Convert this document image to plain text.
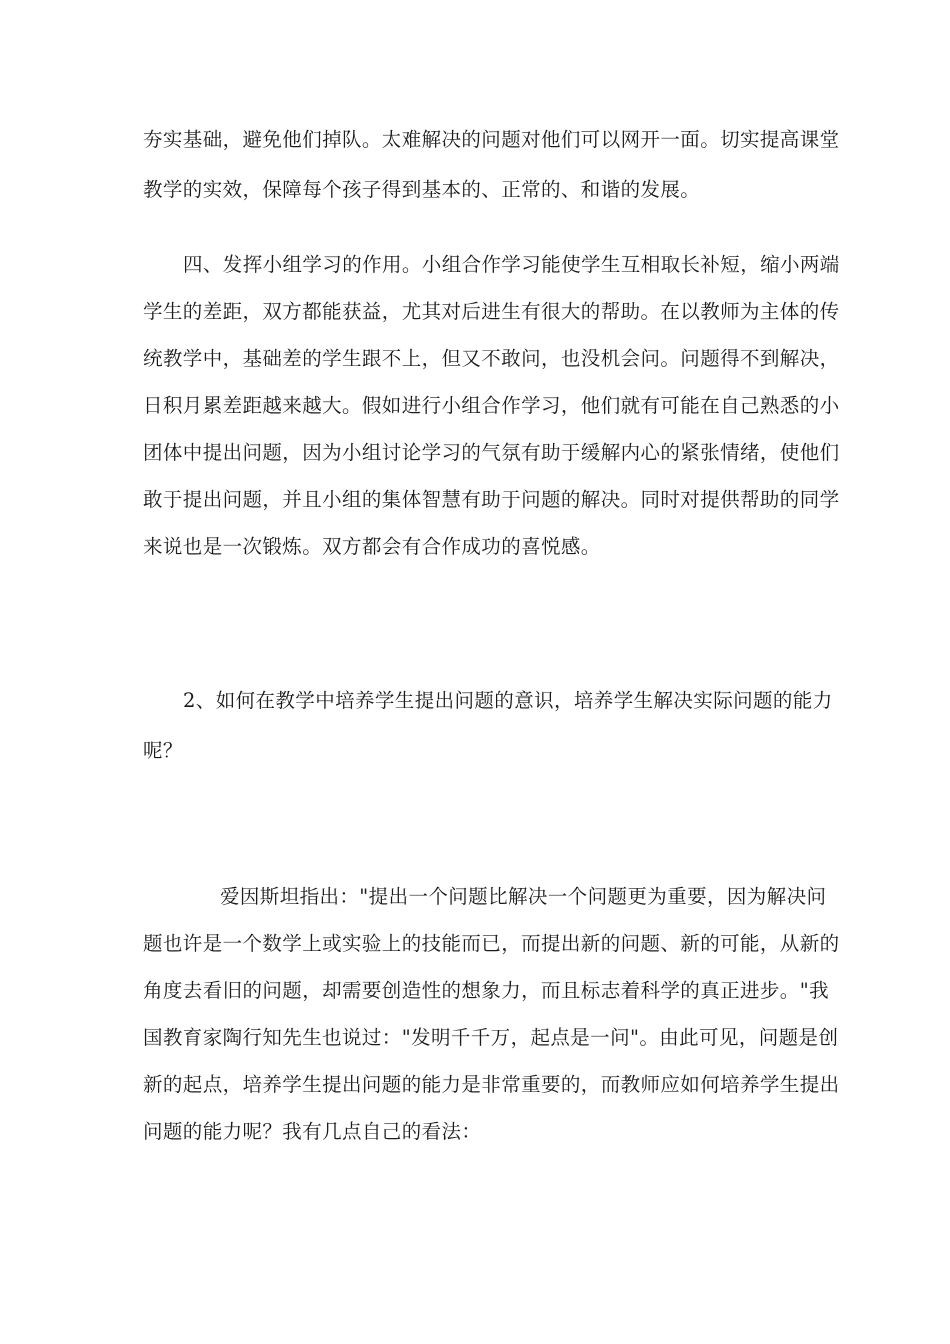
夯实基础，避免他们掉队。太难解决的问题对他们可以网开一面。切实提高课堂
教学的实效，保障每个孩子得到基本的、正常的、和谐的发展。
四、发挥小组学习的作用。小组合作学习能使学生互相取长补短，缩小两端
学生的差距，双方都能获益，尤其对后进生有很大的帮助。在以教师为主体的传
统教学中，基础差的学生跟不上，但又不敢问，也没机会问。问题得不到解决，
日积月累差距越来越大。假如进行小组合作学习，他们就有可能在自己熟悉的小
团体中提出问题，因为小组讨论学习的气氛有助于缓解内心的紧张情绪，使他们
敢于提出问题，并且小组的集体智慧有助于问题的解决。同时对提供帮助的同学
来说也是一次锻炼。双方都会有合作成功的喜悦感。
2、如何在教学中培养学生提出问题的意识，培养学生解决实际问题的能力
呢？
爱因斯坦指出："提出一个问题比解决一个问题更为重要，因为解决问
题也许是一个数学上或实验上的技能而已，而提出新的问题、新的可能，从新的
角度去看旧的问题，却需要创造性的想象力，而且标志着科学的真正进步。"我
国教育家陶行知先生也说过："发明千千万，起点是一问"。由此可见，问题是创
新的起点，培养学生提出问题的能力是非常重要的，而教师应如何培养学生提出
问题的能力呢？我有几点自己的看法：
